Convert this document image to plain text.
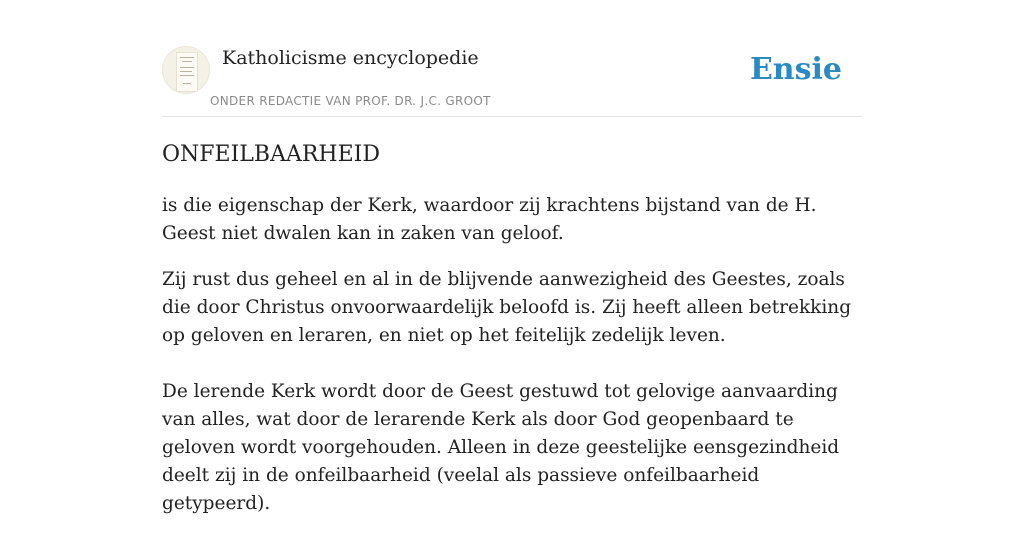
Katholicisme encyclopedie
ONDER REDACTIE VAN PROF. DR. J.C. GROOT
Ensie
ONFEILBAARHEID

is die eigenschap der Kerk, waardoor zij krachtens bijstand van de H. Geest niet dwalen kan in zaken van geloof.

Zij rust dus geheel en al in de blijvende aanwezigheid des Geestes, zoals die door Christus onvoorwaardelijk beloofd is. Zij heeft alleen betrekking op geloven en leraren, en niet op het feitelijk zedelijk leven.

De lerende Kerk wordt door de Geest gestuwd tot gelovige aanvaarding van alles, wat door de lerarende Kerk als door God geopenbaard te geloven wordt voorgehouden. Alleen in deze geestelijke eensgezindheid deelt zij in de onfeilbaarheid (veelal als passieve onfeilbaarheid getypeerd).
